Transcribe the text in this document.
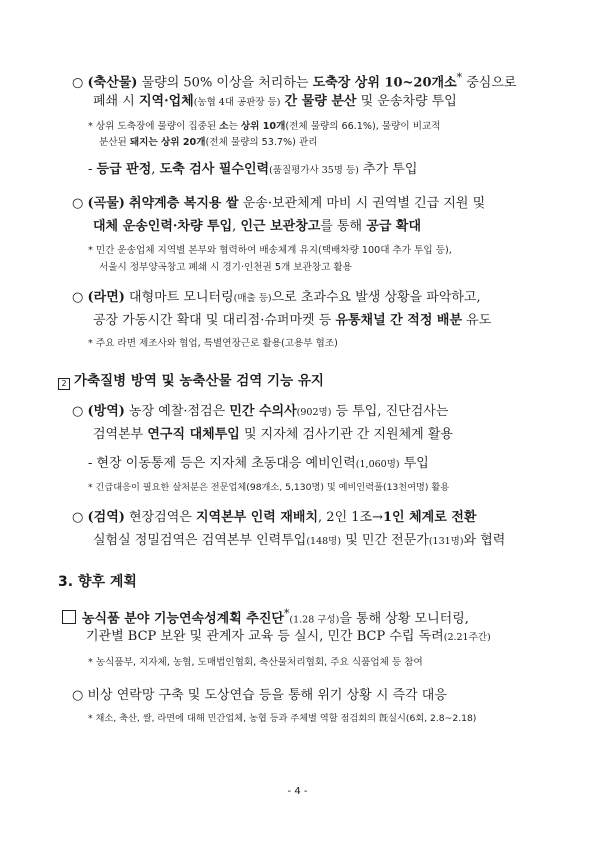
○ (축산물) 물량의 50% 이상을 처리하는 도축장 상위 10~20개소* 중심으로
폐쇄 시 지역·업체(농협 4대 공판장 등) 간 물량 분산 및 운송차량 투입
* 상위 도축장에 물량이 집중된 소는 상위 10개(전체 물량의 66.1%), 물량이 비교적
분산된 돼지는 상위 20개(전체 물량의 53.7%) 관리
- 등급 판정, 도축 검사 필수인력(품질평가사 35명 등) 추가 투입
○ (곡물) 취약계층 복지용 쌀 운송·보관체계 마비 시 권역별 긴급 지원 및
대체 운송인력·차량 투입, 인근 보관창고를 통해 공급 확대
* 민간 운송업체 지역별 본부와 협력하여 배송체계 유지(택배차량 100대 추가 투입 등),
서울시 정부양곡창고 폐쇄 시 경기·인천권 5개 보관창고 활용
○ (라면) 대형마트 모니터링(매출 등)으로 초과수요 발생 상황을 파악하고,
공장 가동시간 확대 및 대리점·슈퍼마켓 등 유통채널 간 적정 배분 유도
* 주요 라면 제조사와 협업, 특별연장근로 활용(고용부 협조)
2 가축질병 방역 및 농축산물 검역 기능 유지
○ (방역) 농장 예찰·점검은 민간 수의사(902명) 등 투입, 진단검사는
검역본부 연구직 대체투입 및 지자체 검사기관 간 지원체계 활용
- 현장 이동통제 등은 지자체 초동대응 예비인력(1,060명) 투입
* 긴급대응이 필요한 살처분은 전문업체(98개소, 5,130명) 및 예비인력풀(13천여명) 활용
○ (검역) 현장검역은 지역본부 인력 재배치, 2인 1조→1인 체계로 전환
실험실 정밀검역은 검역본부 인력투입(148명) 및 민간 전문가(131명)와 협력
3. 향후 계획
농식품 분야 기능연속성계획 추진단*(1.28 구성)을 통해 상황 모니터링,
기관별 BCP 보완 및 관계자 교육 등 실시, 민간 BCP 수립 독려(2.21주간)
* 농식품부, 지자체, 농협, 도매법인협회, 축산물처리협회, 주요 식품업체 등 참여
○ 비상 연락망 구축 및 도상연습 등을 통해 위기 상황 시 즉각 대응
* 채소, 축산, 쌀, 라면에 대해 민간업체, 농협 등과 주체별 역할 점검회의 旣실시(6회, 2.8~2.18)
- 4 -
